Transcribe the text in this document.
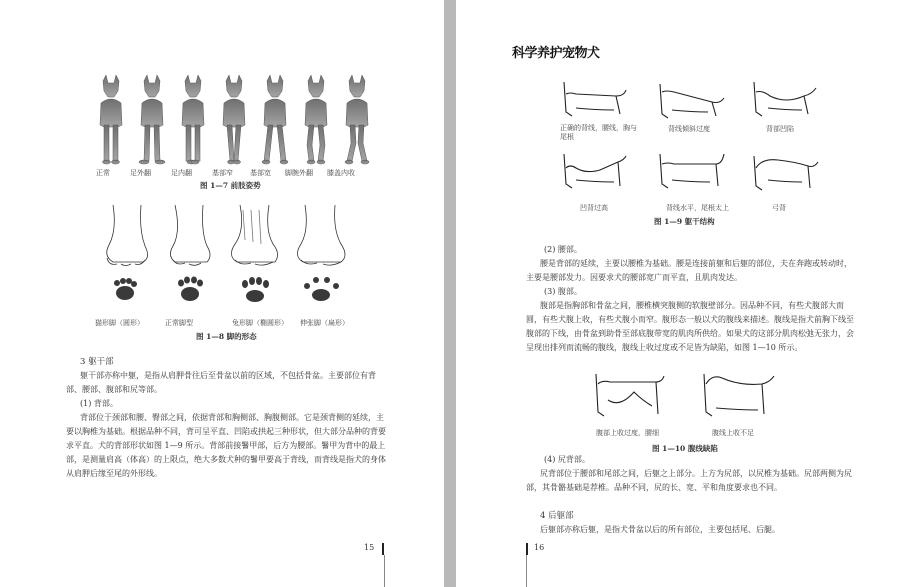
正常	足外翻	足内翻	基部窄 基部宽 脚腕外翻 膝盖内收
图 1—7 前肢姿势
猫形脚（圆形）	正常脚型	兔形脚（椭圆形） 伸张脚（扁形）
图 1—8 脚的形态
3 躯干部
躯干部亦称中躯，是指从肩胛骨往后至骨盆以前的区域，不包括骨盆。主要部位有背部、腰部、腹部和尻等部。
(1) 背部。
背部位于颈部和腰、臀部之间，依据背部和胸侧部、胸腹侧部。它是颈背侧的延续，主要以胸椎为基础。根据品种不同，背可呈平直、凹陷或拱起三种形状，但大部分品种的背要求平直。犬的背部形状如图 1—9 所示。背部前接鬐甲部，后方为腰部。鬐甲为背中的最上部，是测量肩高（体高）的上限点，绝大多数犬种的鬐甲要高于背线，而背线是指犬的身体从肩胛后缘至尾的外形线。
15
科学养护宠物犬
正确的背线，腰线，胸与尾根
背线倾斜过度	背部凹陷
凹背过高	背线水平，尾根太上	弓背
图 1—9 躯干结构
(2) 腰部。
腰是背部的延续，主要以腰椎为基础。腰是连接前躯和后躯的部位，夫在奔跑或转动时，主要是腰部发力。因要求犬的腰部宽广而平直，且肌肉发达。
(3) 腹部。
腹部是指胸部和骨盆之间，腰椎横突腹侧的软腹壁部分。因品种不同，有些犬腹部大而圆，有些犬腹上收，有些犬腹小而窄。腹形态一般以犬的腹线来描述。腹线是指犬前胸下线至腹部的下线，由骨盆到助骨至部底腹带宽的肌肉所供给。如果犬的这部分肌肉松弛无张力，会呈现出排列而流畅的腹线，腹线上收过度或不足皆为缺陷，如图 1—10 所示。
腹部上收过度，腰细	腹线上收不足
图 1—10 腹线缺陷
(4) 尻背部。
尻背部位于腰部和尾部之间，后躯之上部分。上方为尻部，以尻椎为基础。尻部两侧为尻部，其骨骼基础是荐椎。品种不同，尻的长、宽、平和角度要求也不同。
4 后躯部
后躯部亦称后躯，是指犬骨盆以后的所有部位，主要包括尾、后腿。
16
